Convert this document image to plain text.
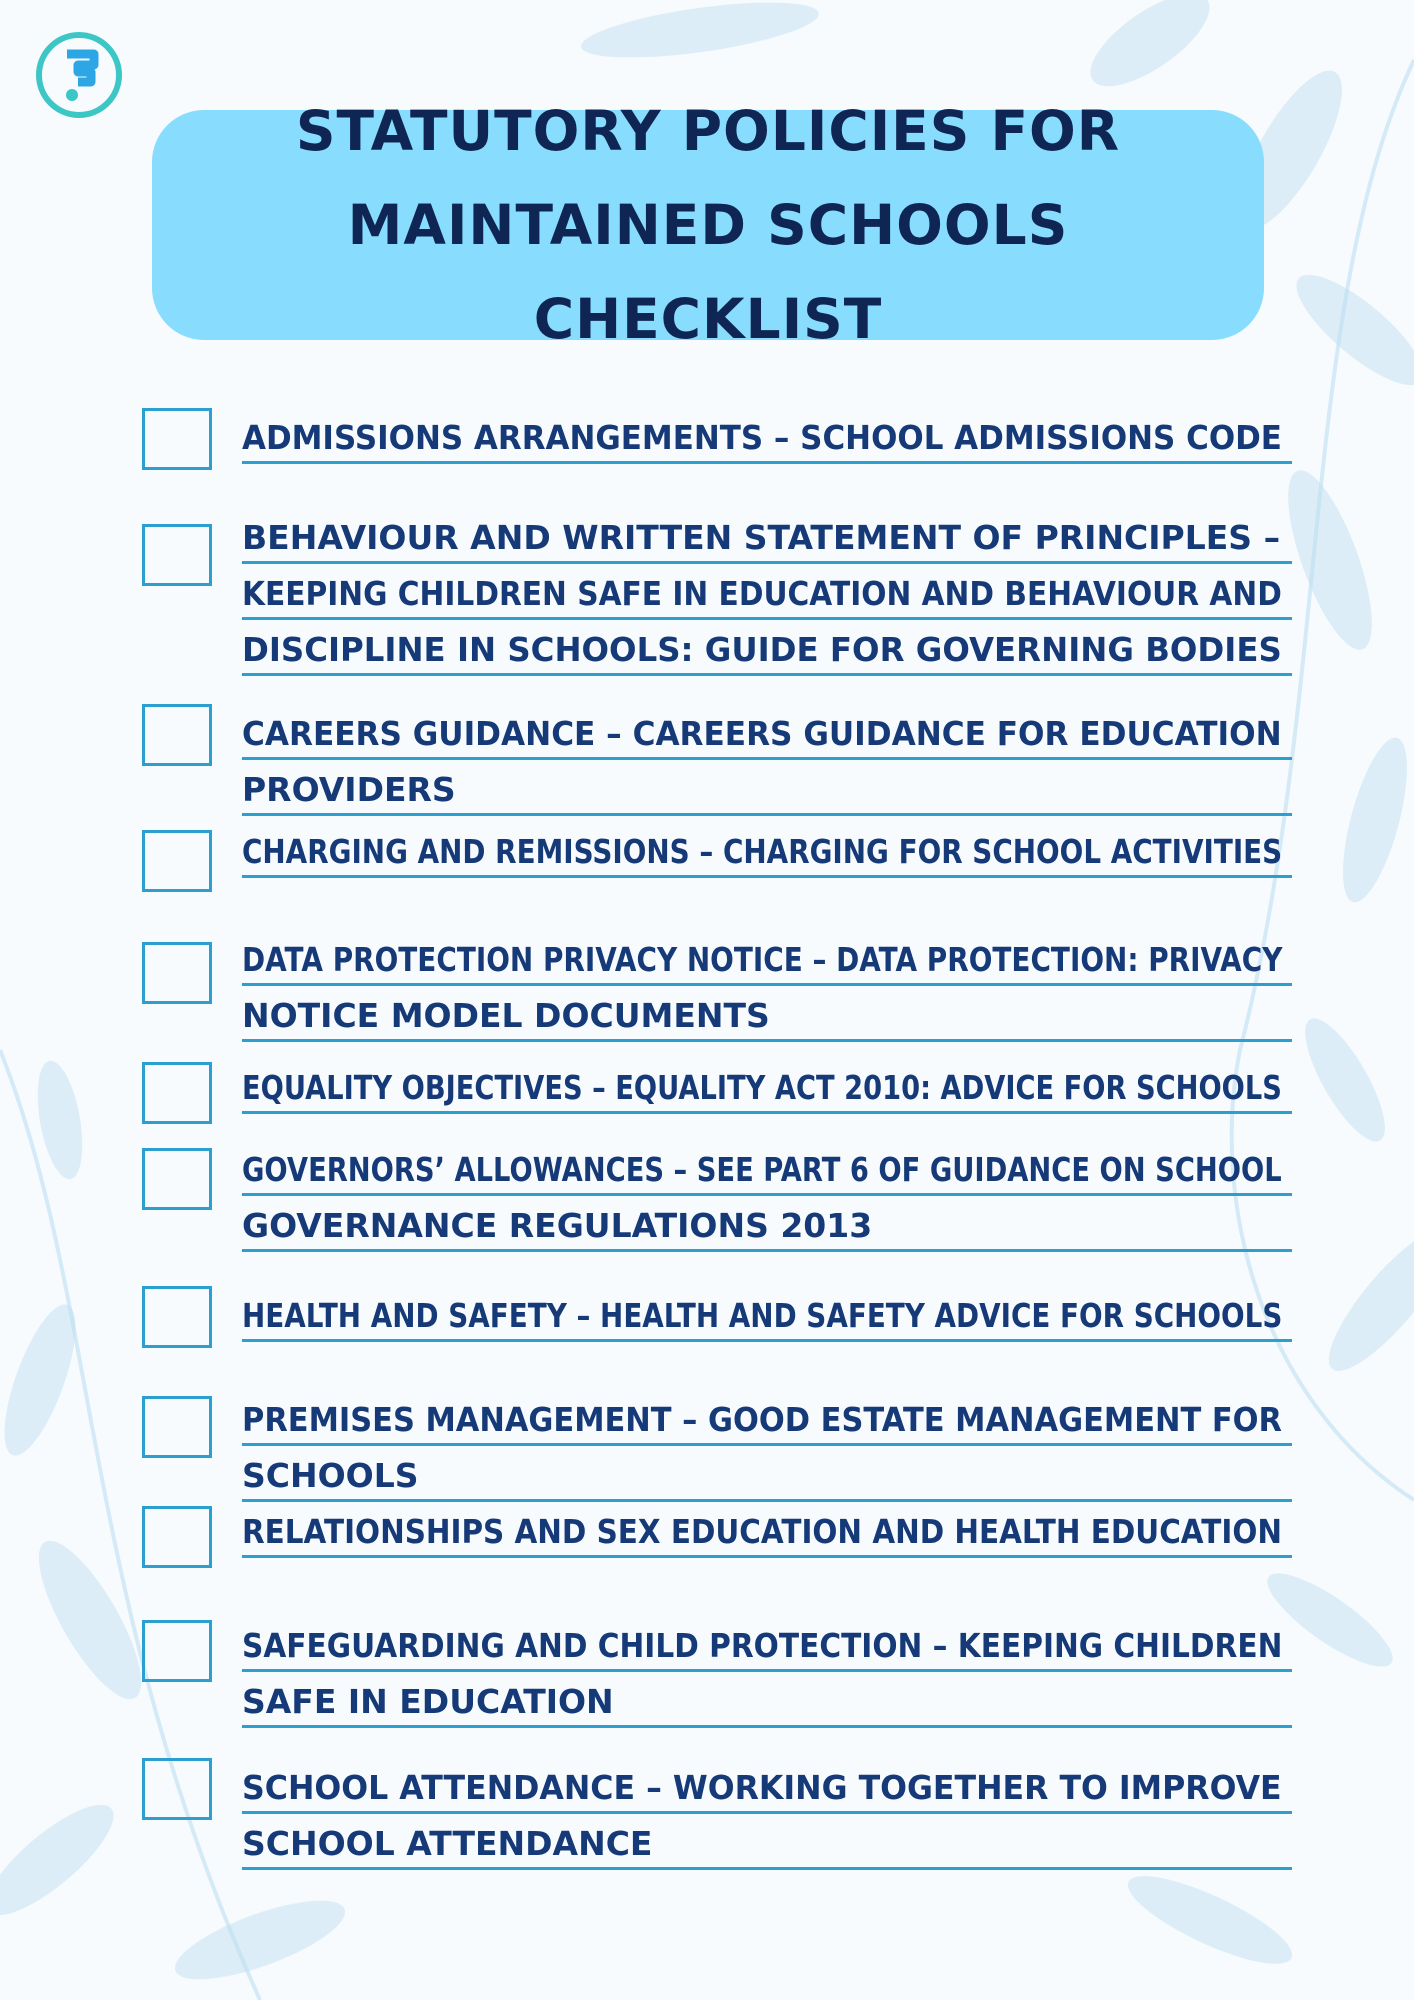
STATUTORY POLICIES FOR MAINTAINED SCHOOLS CHECKLIST
ADMISSIONS ARRANGEMENTS – SCHOOL ADMISSIONS CODE
BEHAVIOUR AND WRITTEN STATEMENT OF PRINCIPLES –
KEEPING CHILDREN SAFE IN EDUCATION AND BEHAVIOUR AND
DISCIPLINE IN SCHOOLS: GUIDE FOR GOVERNING BODIES
CAREERS GUIDANCE – CAREERS GUIDANCE FOR EDUCATION
PROVIDERS
CHARGING AND REMISSIONS – CHARGING FOR SCHOOL ACTIVITIES
DATA PROTECTION PRIVACY NOTICE – DATA PROTECTION: PRIVACY
NOTICE MODEL DOCUMENTS
EQUALITY OBJECTIVES – EQUALITY ACT 2010: ADVICE FOR SCHOOLS
GOVERNORS’ ALLOWANCES – SEE PART 6 OF GUIDANCE ON SCHOOL
GOVERNANCE REGULATIONS 2013
HEALTH AND SAFETY – HEALTH AND SAFETY ADVICE FOR SCHOOLS
PREMISES MANAGEMENT – GOOD ESTATE MANAGEMENT FOR
SCHOOLS
RELATIONSHIPS AND SEX EDUCATION AND HEALTH EDUCATION
SAFEGUARDING AND CHILD PROTECTION – KEEPING CHILDREN
SAFE IN EDUCATION
SCHOOL ATTENDANCE – WORKING TOGETHER TO IMPROVE
SCHOOL ATTENDANCE
